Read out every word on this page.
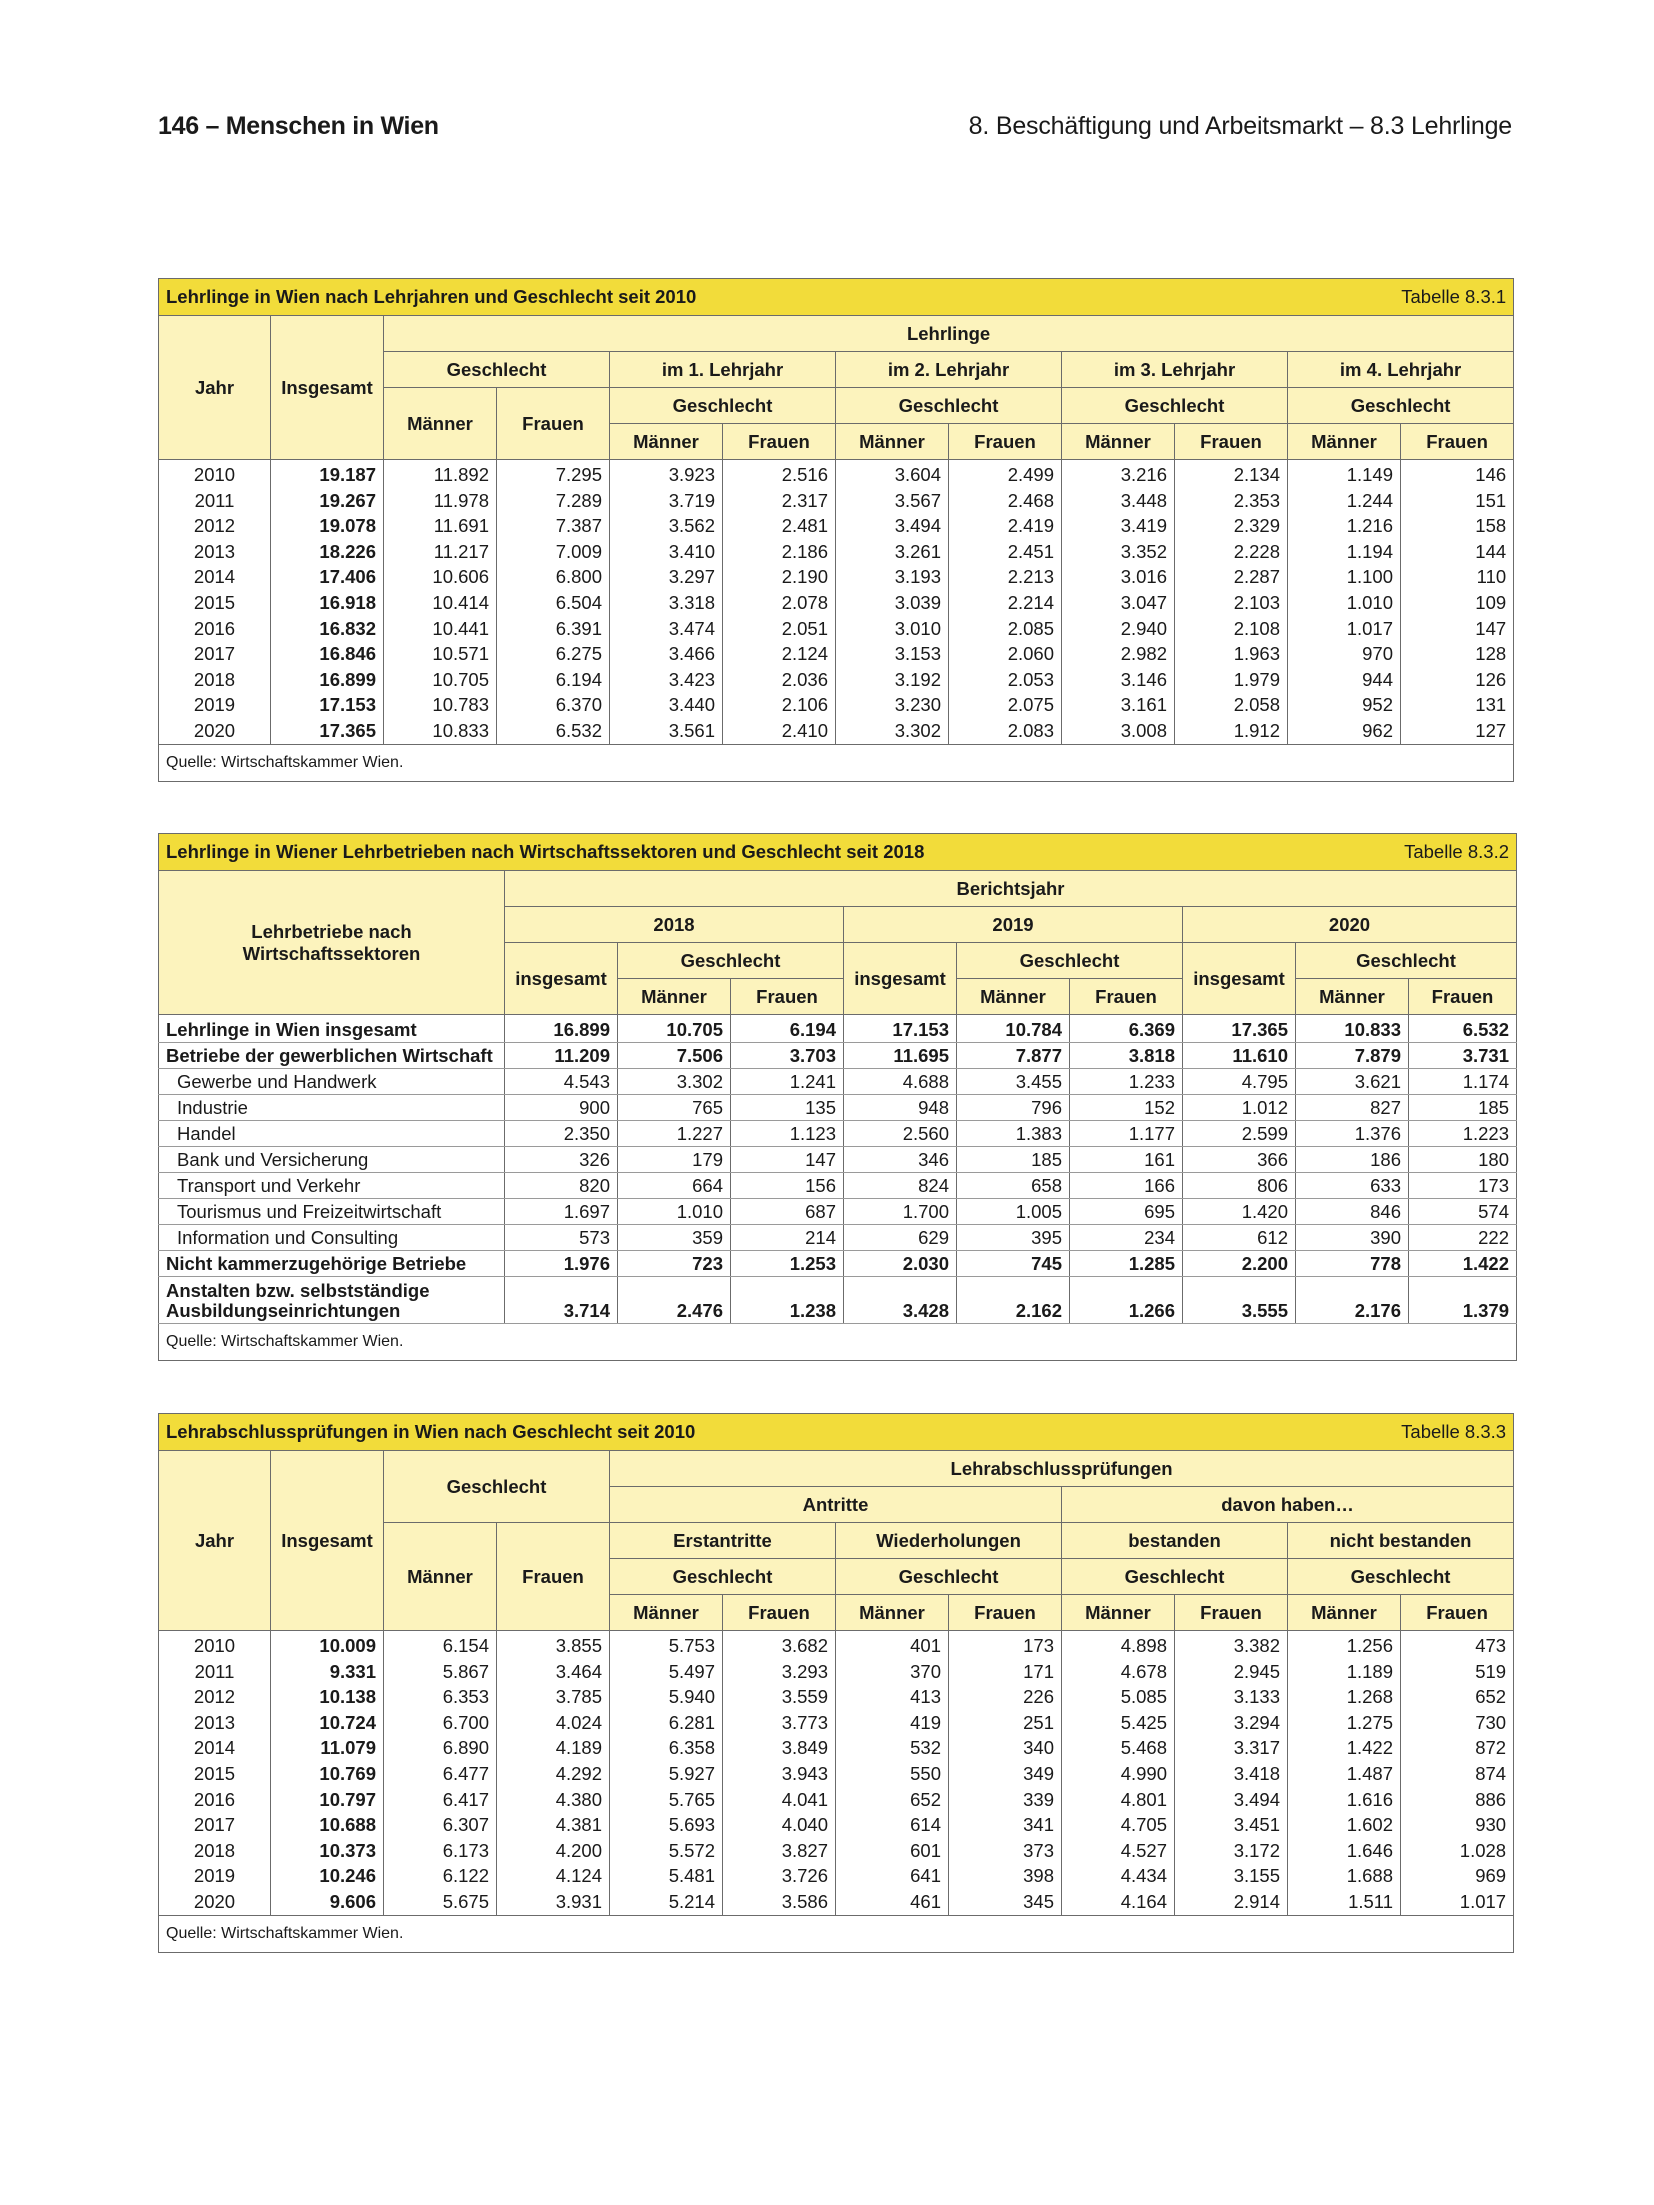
146 – Menschen in Wien	8. Beschäftigung und Arbeitsmarkt – 8.3 Lehrlinge
Lehrlinge in Wien nach Lehrjahren und Geschlecht seit 2010 Tabelle 8.3.1											

Jahr	Insgesamt	Lehrlinge									
		Geschlecht		im 1. Lehrjahr		im 2. Lehrjahr		im 3. Lehrjahr		im 4. Lehrjahr	
		Männer	Frauen	Geschlecht		Geschlecht		Geschlecht		Geschlecht	
				Männer	Frauen	Männer	Frauen	Männer	Frauen	Männer	Frauen
2010	19.187	11.892	7.295	3.923	2.516	3.604	2.499	3.216	2.134	1.149	146
2011	19.267	11.978	7.289	3.719	2.317	3.567	2.468	3.448	2.353	1.244	151
2012	19.078	11.691	7.387	3.562	2.481	3.494	2.419	3.419	2.329	1.216	158
2013	18.226	11.217	7.009	3.410	2.186	3.261	2.451	3.352	2.228	1.194	144
2014	17.406	10.606	6.800	3.297	2.190	3.193	2.213	3.016	2.287	1.100	110
2015	16.918	10.414	6.504	3.318	2.078	3.039	2.214	3.047	2.103	1.010	109
2016	16.832	10.441	6.391	3.474	2.051	3.010	2.085	2.940	2.108	1.017	147
2017	16.846	10.571	6.275	3.466	2.124	3.153	2.060	2.982	1.963	970	128
2018	16.899	10.705	6.194	3.423	2.036	3.192	2.053	3.146	1.979	944	126
2019	17.153	10.783	6.370	3.440	2.106	3.230	2.075	3.161	2.058	952	131
2020	17.365	10.833	6.532	3.561	2.410	3.302	2.083	3.008	1.912	962	127
Quelle: Wirtschaftskammer Wien.											
Lehrlinge in Wiener Lehrbetrieben nach Wirtschaftssektoren und Geschlecht seit 2018 Tabelle 8.3.2									

Lehrbetriebe nach Wirtschaftssektoren	Berichtsjahr								
	2018			2019			2020		
	insgesamt	Geschlecht		insgesamt	Geschlecht		insgesamt	Geschlecht	
		Männer	Frauen		Männer	Frauen		Männer	Frauen
Lehrlinge in Wien insgesamt	16.899	10.705	6.194	17.153	10.784	6.369	17.365	10.833	6.532
Betriebe der gewerblichen Wirtschaft	11.209	7.506	3.703	11.695	7.877	3.818	11.610	7.879	3.731
Gewerbe und Handwerk	4.543	3.302	1.241	4.688	3.455	1.233	4.795	3.621	1.174
Industrie	900	765	135	948	796	152	1.012	827	185
Handel	2.350	1.227	1.123	2.560	1.383	1.177	2.599	1.376	1.223
Bank und Versicherung	326	179	147	346	185	161	366	186	180
Transport und Verkehr	820	664	156	824	658	166	806	633	173
Tourismus und Freizeitwirtschaft	1.697	1.010	687	1.700	1.005	695	1.420	846	574
Information und Consulting	573	359	214	629	395	234	612	390	222
Nicht kammerzugehörige Betriebe	1.976	723	1.253	2.030	745	1.285	2.200	778	1.422
Anstalten bzw. selbstständige Ausbildungseinrichtungen	3.714	2.476	1.238	3.428	2.162	1.266	3.555	2.176	1.379
Quelle: Wirtschaftskammer Wien.									
Lehrabschlussprüfungen in Wien nach Geschlecht seit 2010 Tabelle 8.3.3											

Jahr	Insgesamt	Geschlecht		Lehrabschlussprüfungen							
				Antritte				davon haben…			
		Männer	Frauen	Erstantritte		Wiederholungen		bestanden		nicht bestanden	
				Geschlecht		Geschlecht		Geschlecht		Geschlecht	
				Männer	Frauen	Männer	Frauen	Männer	Frauen	Männer	Frauen
2010	10.009	6.154	3.855	5.753	3.682	401	173	4.898	3.382	1.256	473
2011	9.331	5.867	3.464	5.497	3.293	370	171	4.678	2.945	1.189	519
2012	10.138	6.353	3.785	5.940	3.559	413	226	5.085	3.133	1.268	652
2013	10.724	6.700	4.024	6.281	3.773	419	251	5.425	3.294	1.275	730
2014	11.079	6.890	4.189	6.358	3.849	532	340	5.468	3.317	1.422	872
2015	10.769	6.477	4.292	5.927	3.943	550	349	4.990	3.418	1.487	874
2016	10.797	6.417	4.380	5.765	4.041	652	339	4.801	3.494	1.616	886
2017	10.688	6.307	4.381	5.693	4.040	614	341	4.705	3.451	1.602	930
2018	10.373	6.173	4.200	5.572	3.827	601	373	4.527	3.172	1.646	1.028
2019	10.246	6.122	4.124	5.481	3.726	641	398	4.434	3.155	1.688	969
2020	9.606	5.675	3.931	5.214	3.586	461	345	4.164	2.914	1.511	1.017
Quelle: Wirtschaftskammer Wien.											
